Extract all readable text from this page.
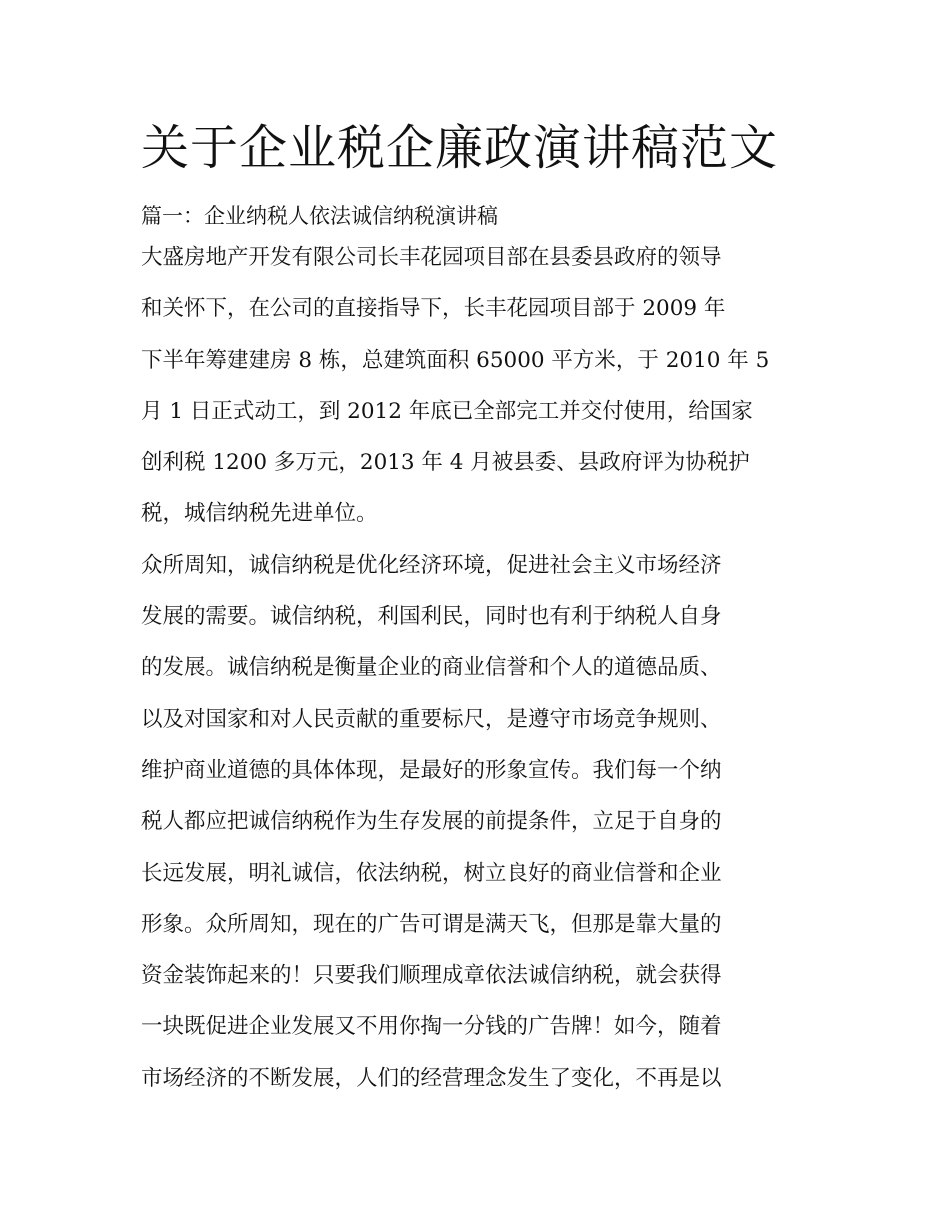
关于企业税企廉政演讲稿范文
篇一：企业纳税人依法诚信纳税演讲稿
大盛房地产开发有限公司长丰花园项目部在县委县政府的领导
和关怀下，在公司的直接指导下，长丰花园项目部于 2009 年
下半年筹建建房 8 栋，总建筑面积 65000 平方米，于 2010 年 5
月 1 日正式动工，到 2012 年底已全部完工并交付使用，给国家
创利税 1200 多万元，2013 年 4 月被县委、县政府评为协税护
税，城信纳税先进单位。
众所周知，诚信纳税是优化经济环境，促进社会主义市场经济
发展的需要。诚信纳税，利国利民，同时也有利于纳税人自身
的发展。诚信纳税是衡量企业的商业信誉和个人的道德品质、
以及对国家和对人民贡献的重要标尺，是遵守市场竞争规则、
维护商业道德的具体体现，是最好的形象宣传。我们每一个纳
税人都应把诚信纳税作为生存发展的前提条件，立足于自身的
长远发展，明礼诚信，依法纳税，树立良好的商业信誉和企业
形象。众所周知，现在的广告可谓是满天飞，但那是靠大量的
资金装饰起来的！只要我们顺理成章依法诚信纳税，就会获得
一块既促进企业发展又不用你掏一分钱的广告牌！如今，随着
市场经济的不断发展，人们的经营理念发生了变化，不再是以
